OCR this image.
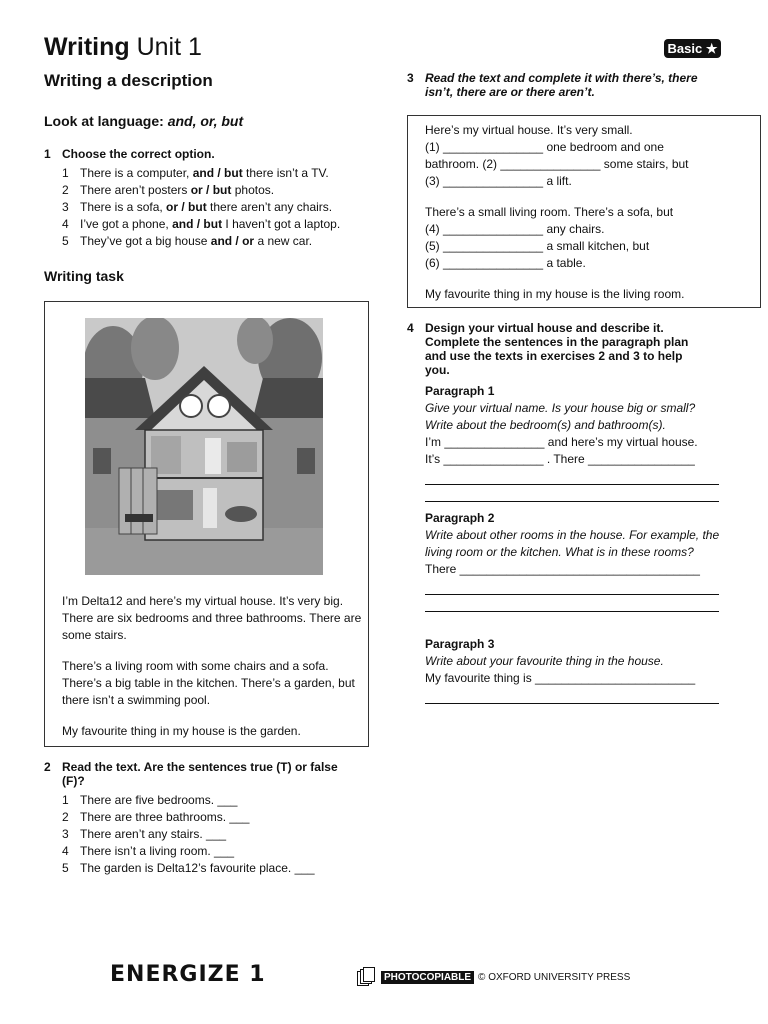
Writing Unit 1	Basic ★
Writing a description
Look at language: and, or, but
1 Choose the correct option.
1 There is a computer, and / but there isn’t a TV.
2 There aren’t posters or / but photos.
3 There is a sofa, or / but there aren’t any chairs.
4 I’ve got a phone, and / but I haven’t got a laptop.
5 They’ve got a big house and / or a new car.
Writing task

I’m Delta12 and here’s my virtual house. It’s very big. There are six bedrooms and three bathrooms. There are some stairs.

There’s a living room with some chairs and a sofa. There’s a big table in the kitchen. There’s a garden, but there isn’t a swimming pool.

My favourite thing in my house is the garden.

2 Read the text. Are the sentences true (T) or false (F)?
1 There are five bedrooms. ___
2 There are three bathrooms. ___
3 There aren’t any stairs. ___
4 There isn’t a living room. ___
5 The garden is Delta12’s favourite place. ___
3 Read the text and complete it with there’s, there
isn’t, there are or there aren’t.

Here’s my virtual house. It’s very small.
(1) _______________ one bedroom and one
bathroom. (2) _______________ some stairs, but
(3) _______________ a lift.

There’s a small living room. There’s a sofa, but
(4) _______________ any chairs.
(5) _______________ a small kitchen, but
(6) _______________ a table.

My favourite thing in my house is the living room.

4 Design your virtual house and describe it.
Complete the sentences in the paragraph plan
and use the texts in exercises 2 and 3 to help
you.
Paragraph 1
Give your virtual name. Is your house big or small? Write about the bedroom(s) and bathroom(s).
I’m _______________ and here’s my virtual house.
It’s _______________ . There ________________
Paragraph 2
Write about other rooms in the house. For example, the living room or the kitchen. What is in these rooms?
There ____________________________________
Paragraph 3
Write about your favourite thing in the house.
My favourite thing is ________________________
ENERGIZE 1	PHOTOCOPIABLE © OXFORD UNIVERSITY PRESS
